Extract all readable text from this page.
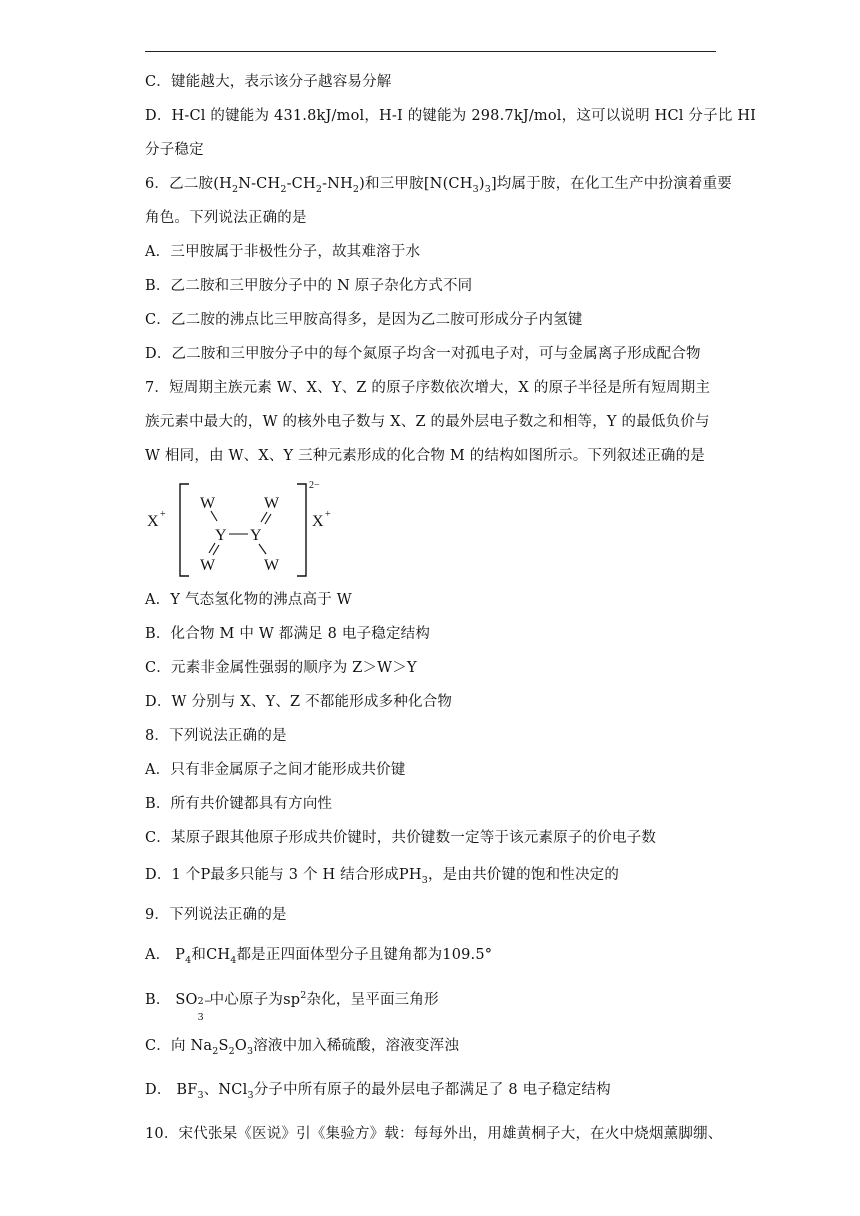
C．键能越大，表示该分子越容易分解
D．H-Cl 的键能为 431.8kJ/mol，H-I 的键能为 298.7kJ/mol，这可以说明 HCl 分子比 HI
分子稳定
6．乙二胺$(H_2N-CH_2-CH_2-NH_2)$和三甲胺$[N(CH_3)_3]$均属于胺，在化工生产中扮演着重要
角色。下列说法正确的是
A．三甲胺属于非极性分子，故其难溶于水
B．乙二胺和三甲胺分子中的 N 原子杂化方式不同
C．乙二胺的沸点比三甲胺高得多，是因为乙二胺可形成分子内氢键
D．乙二胺和三甲胺分子中的每个氮原子均含一对孤电子对，可与金属离子形成配合物
7．短周期主族元素 W、X、Y、Z 的原子序数依次增大，X 的原子半径是所有短周期主
族元素中最大的，W 的核外电子数与 X、Z 的最外层电子数之和相等，Y 的最低负价与
W 相同，由 W、X、Y 三种元素形成的化合物 M 的结构如图所示。下列叙述正确的是
X +
2−
X +
W	W
Y Y
W	W
A．Y 气态氢化物的沸点高于 W
B．化合物 M 中 W 都满足 8 电子稳定结构
C．元素非金属性强弱的顺序为 Z＞W＞Y
D．W 分别与 X、Y、Z 不都能形成多种化合物
8．下列说法正确的是
A．只有非金属原子之间才能形成共价键
B．所有共价键都具有方向性
C．某原子跟其他原子形成共价键时，共价键数一定等于该元素原子的价电子数
D．1 个P最多只能与 3 个 H 结合形成$PH_3$，是由共价键的饱和性决定的
9．下列说法正确的是
A． $P_4$和$CH_4$都是正四面体型分子且键角都为109.5°
B． SO 2−
3
中心原子为$sp^2$杂化，呈平面三角形
C．向 $Na_2S_2O_3$溶液中加入稀硫酸，溶液变浑浊
D． $BF_3$、NCl$_3$分子中所有原子的最外层电子都满足了 8 电子稳定结构
10．宋代张杲《医说》引《集验方》载：每每外出，用雄黄桐子大，在火中烧烟薰脚绷、
